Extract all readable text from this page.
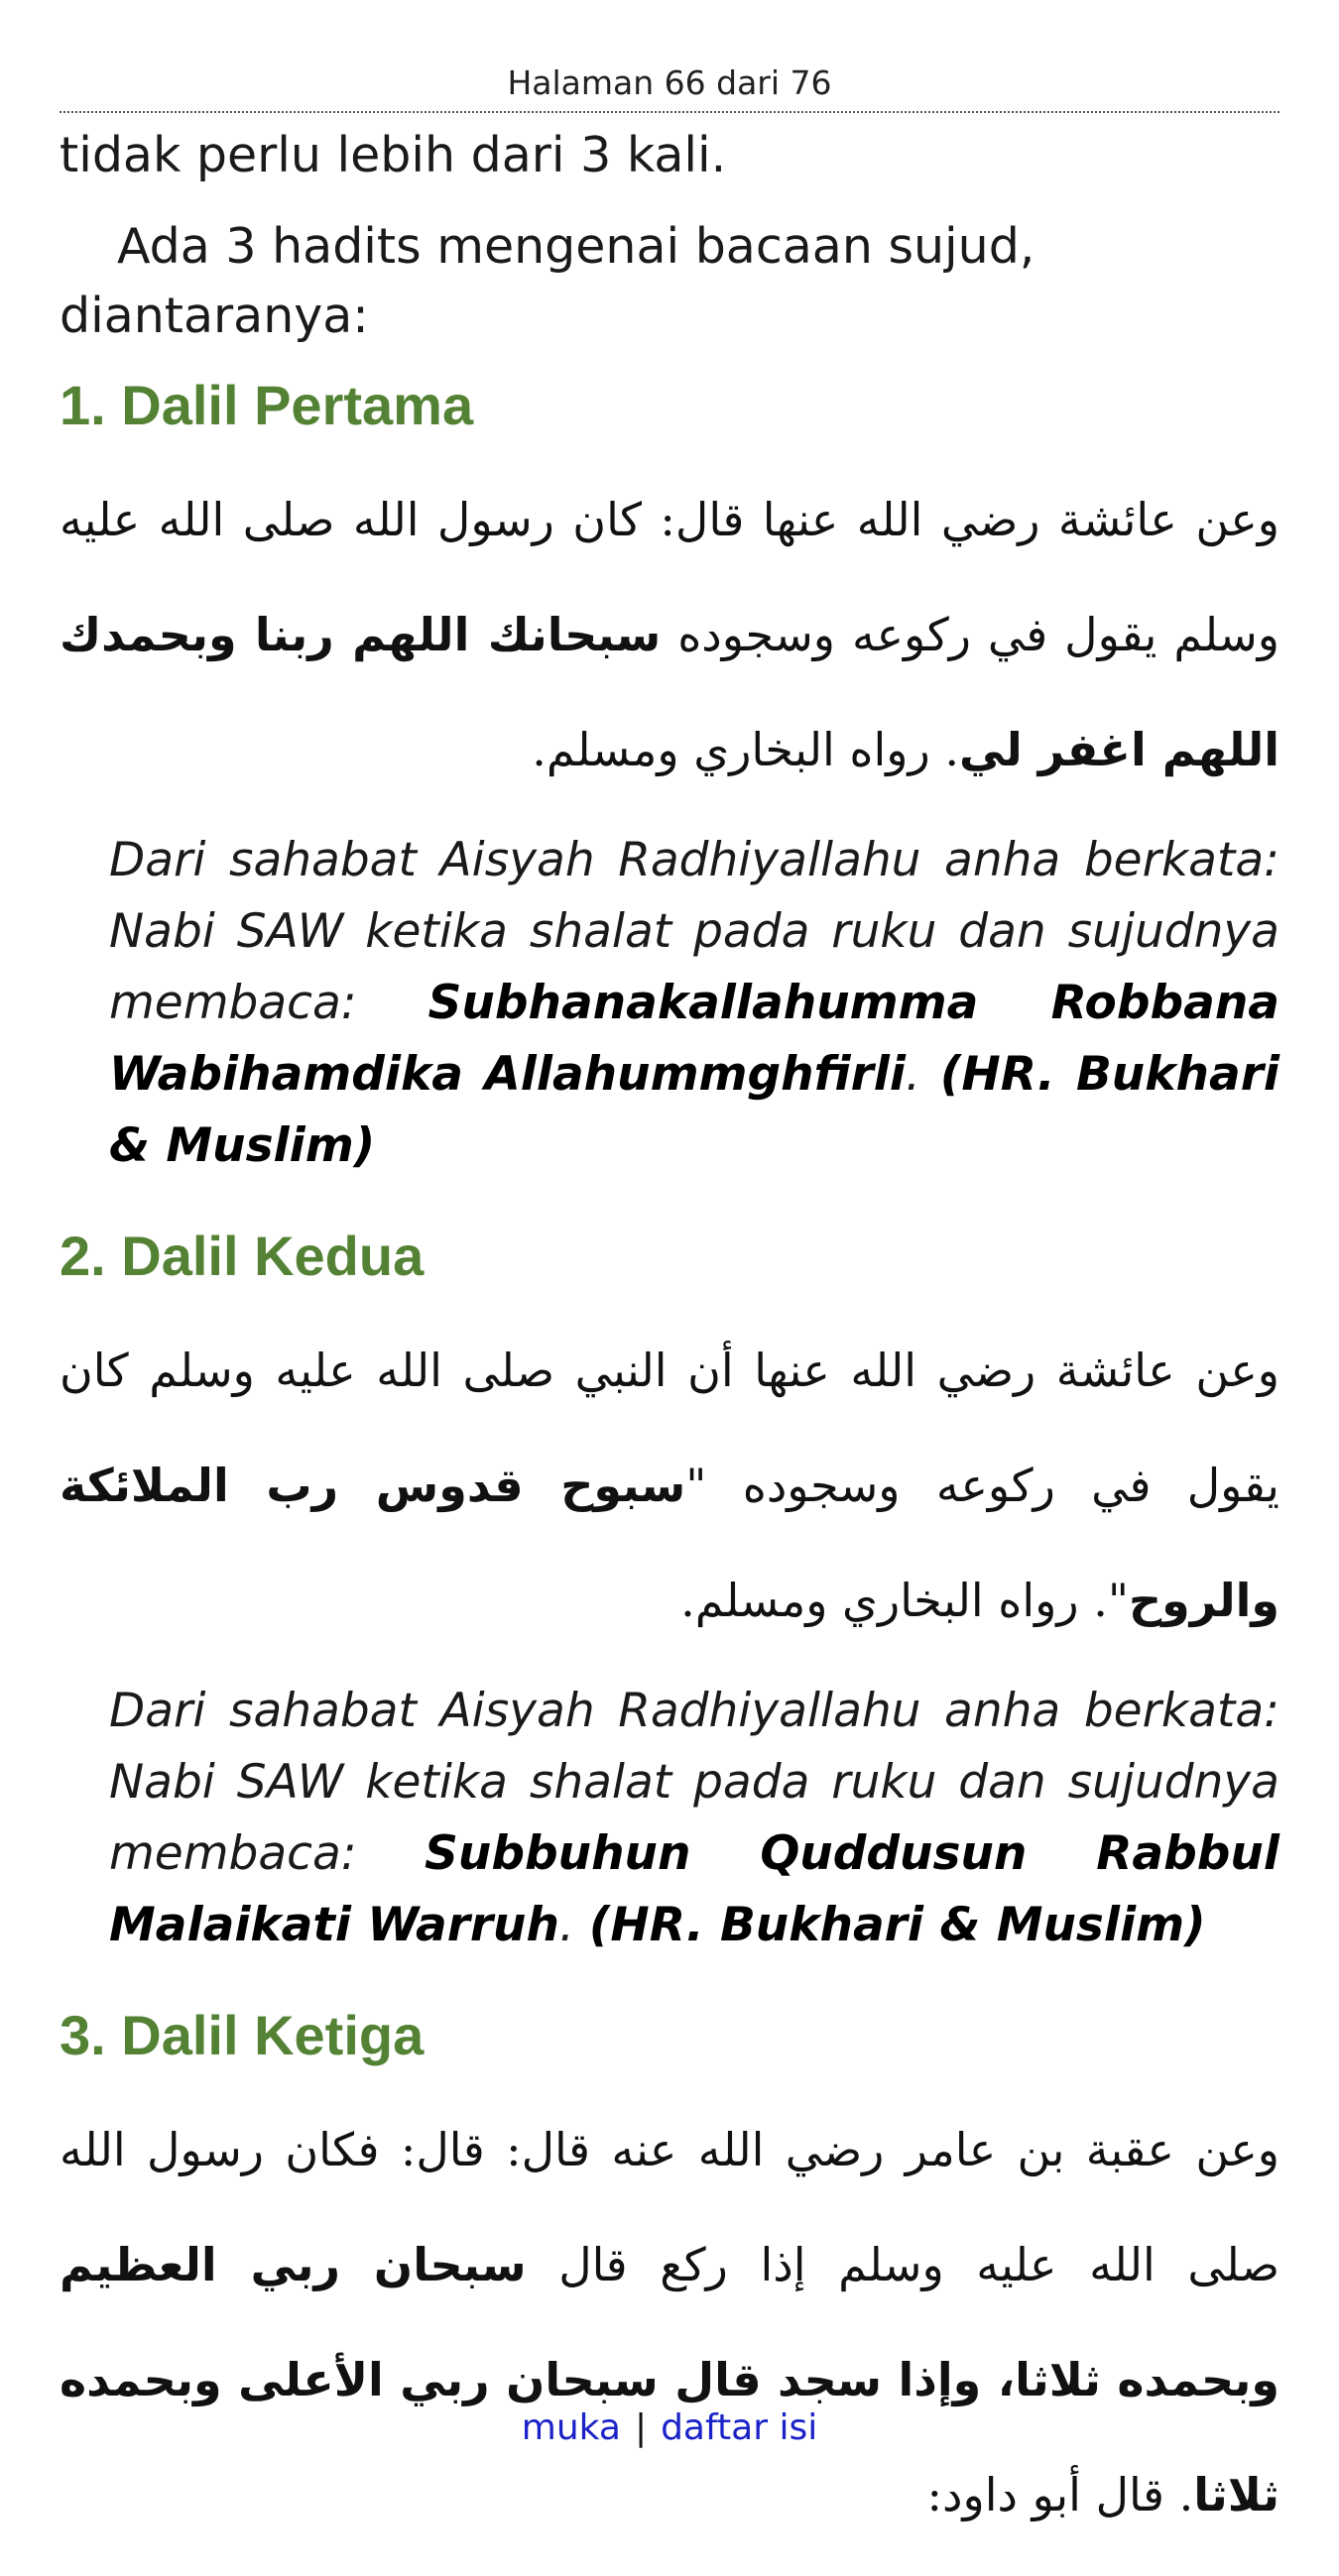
Halaman 66 dari 76

tidak perlu lebih dari 3 kali.

Ada 3 hadits mengenai bacaan sujud, diantaranya:

1. Dalil Pertama

وعن عائشة رضي الله عنها قال: كان رسول الله صلى الله عليه وسلم يقول في ركوعه وسجوده سبحانك اللهم ربنا وبحمدك اللهم اغفر لي. رواه البخاري ومسلم.

Dari sahabat Aisyah Radhiyallahu anha berkata: Nabi SAW ketika shalat pada ruku dan sujudnya membaca: Subhanakallahumma Robbana Wabihamdika Allahummghfirli. (HR. Bukhari & Muslim)

2. Dalil Kedua

وعن عائشة رضي الله عنها أن النبي صلى الله عليه وسلم كان يقول في ركوعه وسجوده "سبوح قدوس رب الملائكة والروح". رواه البخاري ومسلم.

Dari sahabat Aisyah Radhiyallahu anha berkata: Nabi SAW ketika shalat pada ruku dan sujudnya membaca: Subbuhun Quddusun Rabbul Malaikati Warruh. (HR. Bukhari & Muslim)

3. Dalil Ketiga

وعن عقبة بن عامر رضي الله عنه قال: قال: فكان رسول الله صلى الله عليه وسلم إذا ركع قال سبحان ربي العظيم وبحمده ثلاثا، وإذا سجد قال سبحان ربي الأعلى وبحمده ثلاثا. قال أبو داود:

muka | daftar isi
